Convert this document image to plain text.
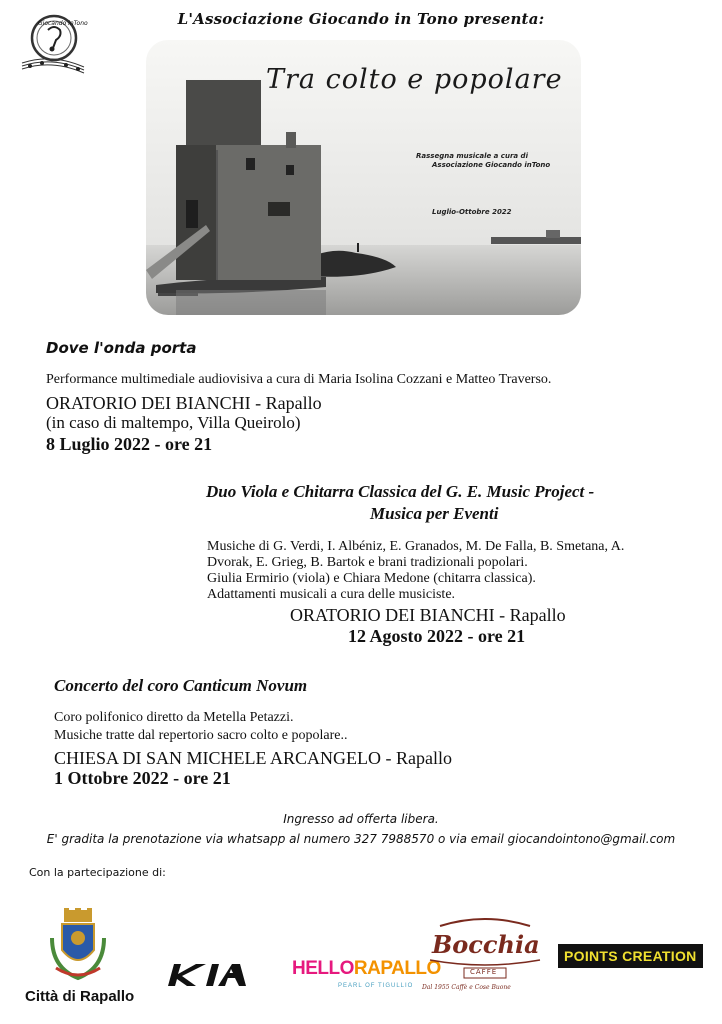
Giocando inTono	L'Associazione Giocando in Tono presenta:
Tra colto e popolare
Rassegna musicale a cura di
Associazione Giocando inTono
Luglio-Ottobre 2022
Dove l'onda porta
Performance multimediale audiovisiva a cura di Maria Isolina Cozzani e Matteo Traverso.
ORATORIO DEI BIANCHI - Rapallo
(in caso di maltempo, Villa Queirolo)
8 Luglio 2022 - ore 21
Duo Viola e Chitarra Classica del G. E. Music Project -
Musica per Eventi
Musiche di G. Verdi, I. Albéniz, E. Granados, M. De Falla, B. Smetana, A.
Dvorak, E. Grieg, B. Bartok e brani tradizionali popolari.
Giulia Ermirio (viola) e Chiara Medone (chitarra classica).
Adattamenti musicali a cura delle musiciste.
ORATORIO DEI BIANCHI - Rapallo
12 Agosto 2022 - ore 21
Concerto del coro Canticum Novum
Coro polifonico diretto da Metella Petazzi.
Musiche tratte dal repertorio sacro colto e popolare..
CHIESA DI SAN MICHELE ARCANGELO - Rapallo
1 Ottobre 2022 - ore 21
Ingresso ad offerta libera.
E' gradita la prenotazione via whatsapp al numero 327 7988570 o via email giocandointono@gmail.com
Con la partecipazione di:
Città di Rapallo
HELLORAPALLO
PEARL OF TIGULLIO
Bocchia
CAFFÈ
Dal 1955 Caffè e Cose Buone
POINTS CREATION
